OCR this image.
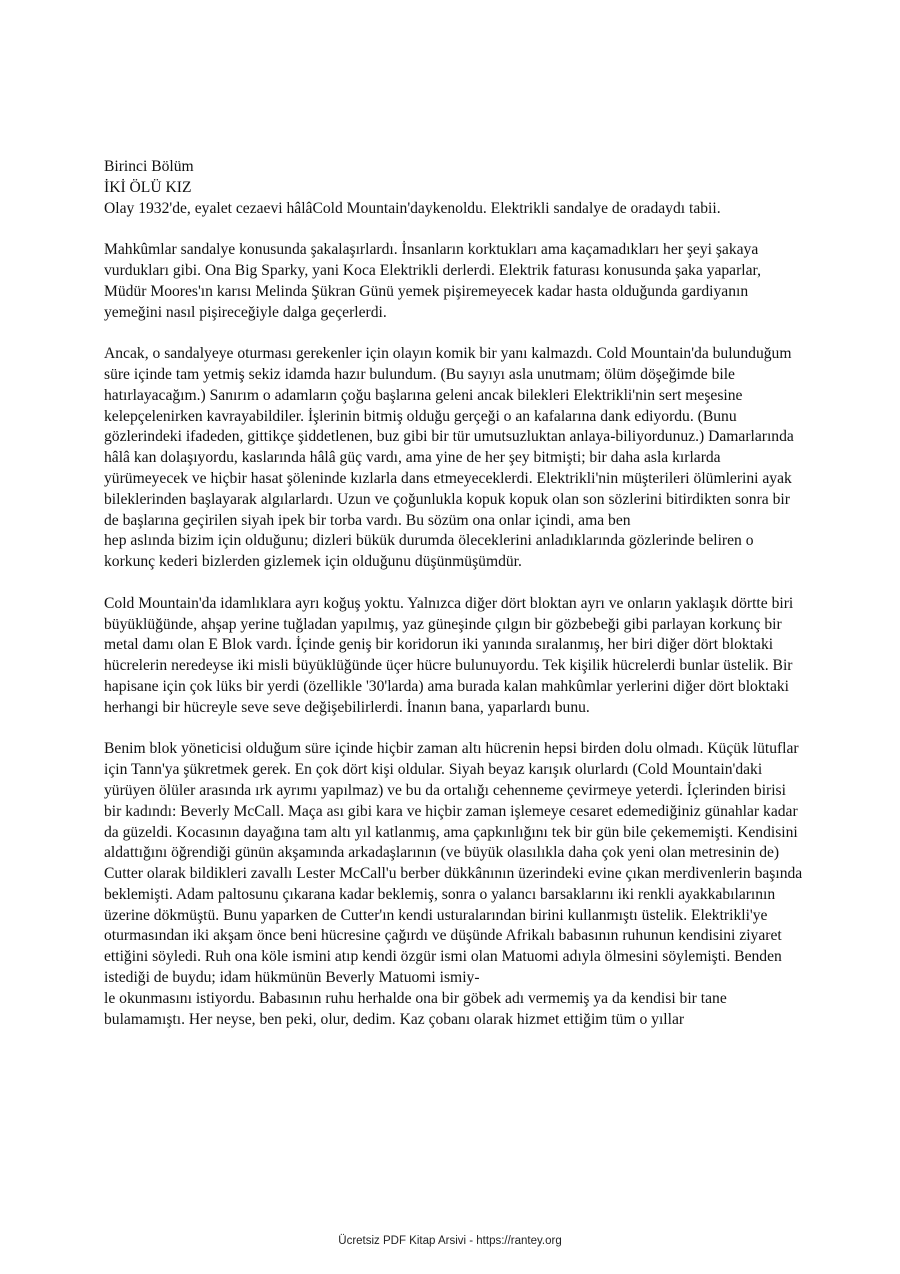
Birinci Bölüm

İKİ ÖLÜ KIZ

Olay 1932'de, eyalet cezaevi hâlâCold Mountain'daykenoldu. Elektrikli sandalye de oradaydı tabii.

Mahkûmlar sandalye konusunda şakalaşırlardı. İnsanların korktukları ama kaçamadıkları her şeyi şakaya vurdukları gibi. Ona Big Sparky, yani Koca Elektrikli derlerdi. Elektrik faturası konusunda şaka yaparlar, Müdür Moores'ın karısı Melinda Şükran Günü yemek pişiremeyecek kadar hasta olduğunda gardiyanın yemeğini nasıl pişireceğiyle dalga geçerlerdi.

Ancak, o sandalyeye oturması gerekenler için olayın komik bir yanı kalmazdı. Cold Mountain'da bulunduğum süre içinde tam yetmiş sekiz idamda hazır bulundum. (Bu sayıyı asla unutmam; ölüm döşeğimde bile hatırlayacağım.) Sanırım o adamların çoğu başlarına geleni ancak bilekleri Elektrikli'nin sert meşesine kelepçelenirken kavrayabildiler. İşlerinin bitmiş olduğu gerçeği o an kafalarına dank ediyordu. (Bunu gözlerindeki ifadeden, gittikçe şiddetlenen, buz gibi bir tür umutsuzluktan anlaya-biliyordunuz.) Damarlarında hâlâ kan dolaşıyordu, kaslarında hâlâ güç vardı, ama yine de her şey bitmişti; bir daha asla kırlarda yürümeyecek ve hiçbir hasat şöleninde kızlarla dans etmeyeceklerdi. Elektrikli'nin müşterileri ölümlerini ayak bileklerinden başlayarak algılarlardı. Uzun ve çoğunlukla kopuk kopuk olan son sözlerini bitirdikten sonra bir de başlarına geçirilen siyah ipek bir torba vardı. Bu sözüm ona onlar içindi, ama ben

hep aslında bizim için olduğunu; dizleri bükük durumda öleceklerini anladıklarında gözlerinde beliren o korkunç kederi bizlerden gizlemek için olduğunu düşünmüşümdür.

Cold Mountain'da idamlıklara ayrı koğuş yoktu. Yalnızca diğer dört bloktan ayrı ve onların yaklaşık dörtte biri büyüklüğünde, ahşap yerine tuğladan yapılmış, yaz güneşinde çılgın bir gözbebeği gibi parlayan korkunç bir metal damı olan E Blok vardı. İçinde geniş bir koridorun iki yanında sıralanmış, her biri diğer dört bloktaki hücrelerin neredeyse iki misli büyüklüğünde üçer hücre bulunuyordu. Tek kişilik hücrelerdi bunlar üstelik. Bir hapisane için çok lüks bir yerdi (özellikle '30'larda) ama burada kalan mahkûmlar yerlerini diğer dört bloktaki herhangi bir hücreyle seve seve değişebilirlerdi. İnanın bana, yaparlardı bunu.

Benim blok yöneticisi olduğum süre içinde hiçbir zaman altı hücrenin hepsi birden dolu olmadı. Küçük lütuflar için Tann'ya şükretmek gerek. En çok dört kişi oldular. Siyah beyaz karışık olurlardı (Cold Mountain'daki yürüyen ölüler arasında ırk ayrımı yapılmaz) ve bu da ortalığı cehenneme çevirmeye yeterdi. İçlerinden birisi bir kadındı: Beverly McCall. Maça ası gibi kara ve hiçbir zaman işlemeye cesaret edemediğiniz günahlar kadar da güzeldi. Kocasının dayağına tam altı yıl katlanmış, ama çapkınlığını tek bir gün bile çekememişti. Kendisini aldattığını öğrendiği günün akşamında arkadaşlarının (ve büyük olasılıkla daha çok yeni olan metresinin de) Cutter olarak bildikleri zavallı Lester McCall'u berber dükkânının üzerindeki evine çıkan merdivenlerin başında beklemişti. Adam paltosunu çıkarana kadar beklemiş, sonra o yalancı barsaklarını iki renkli ayakkabılarının üzerine dökmüştü. Bunu yaparken de Cutter'ın kendi usturalarından birini kullanmıştı üstelik. Elektrikli'ye oturmasından iki akşam önce beni hücresine çağırdı ve düşünde Afrikalı babasının ruhunun kendisini ziyaret ettiğini söyledi. Ruh ona köle ismini atıp kendi özgür ismi olan Matuomi adıyla ölmesini söylemişti. Benden istediği de buydu; idam hükmünün Beverly Matuomi ismiy-

le okunmasını istiyordu. Babasının ruhu herhalde ona bir göbek adı vermemiş ya da kendisi bir tane bulamamıştı. Her neyse, ben peki, olur, dedim. Kaz çobanı olarak hizmet ettiğim tüm o yıllar

Ücretsiz PDF Kitap Arsivi - https://rantey.org
